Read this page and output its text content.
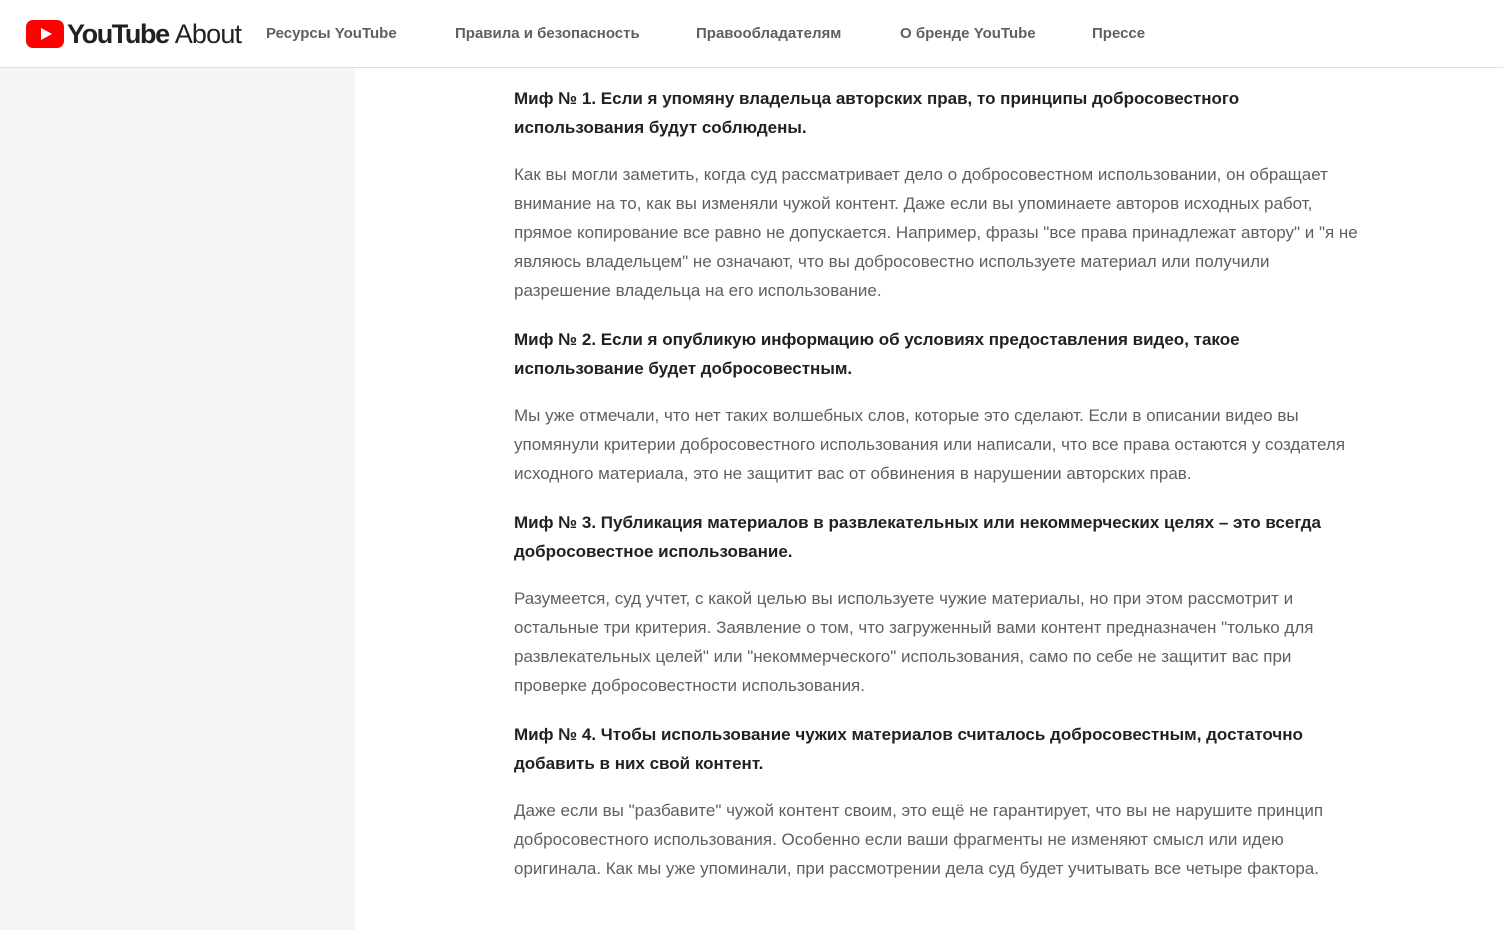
YouTube About Ресурсы YouTube	Правила и безопасность	Правообладателям	О бренде YouTube	Прессе
Миф № 1. Если я упомяну владельца авторских прав, то принципы добросовестного использования будут соблюдены.

Как вы могли заметить, когда суд рассматривает дело о добросовестном использовании, он обращает внимание на то, как вы изменяли чужой контент. Даже если вы упоминаете авторов исходных работ, прямое копирование все равно не допускается. Например, фразы "все права принадлежат автору" и "я не являюсь владельцем" не означают, что вы добросовестно используете материал или получили разрешение владельца на его использование.

Миф № 2. Если я опубликую информацию об условиях предоставления видео, такое использование будет добросовестным.

Мы уже отмечали, что нет таких волшебных слов, которые это сделают. Если в описании видео вы упомянули критерии добросовестного использования или написали, что все права остаются у создателя исходного материала, это не защитит вас от обвинения в нарушении авторских прав.

Миф № 3. Публикация материалов в развлекательных или некоммерческих целях – это всегда добросовестное использование.

Разумеется, суд учтет, с какой целью вы используете чужие материалы, но при этом рассмотрит и остальные три критерия. Заявление о том, что загруженный вами контент предназначен "только для развлекательных целей" или "некоммерческого" использования, само по себе не защитит вас при проверке добросовестности использования.

Миф № 4. Чтобы использование чужих материалов считалось добросовестным, достаточно добавить в них свой контент.

Даже если вы "разбавите" чужой контент своим, это ещё не гарантирует, что вы не нарушите принцип добросовестного использования. Особенно если ваши фрагменты не изменяют смысл или идею оригинала. Как мы уже упоминали, при рассмотрении дела суд будет учитывать все четыре фактора.
